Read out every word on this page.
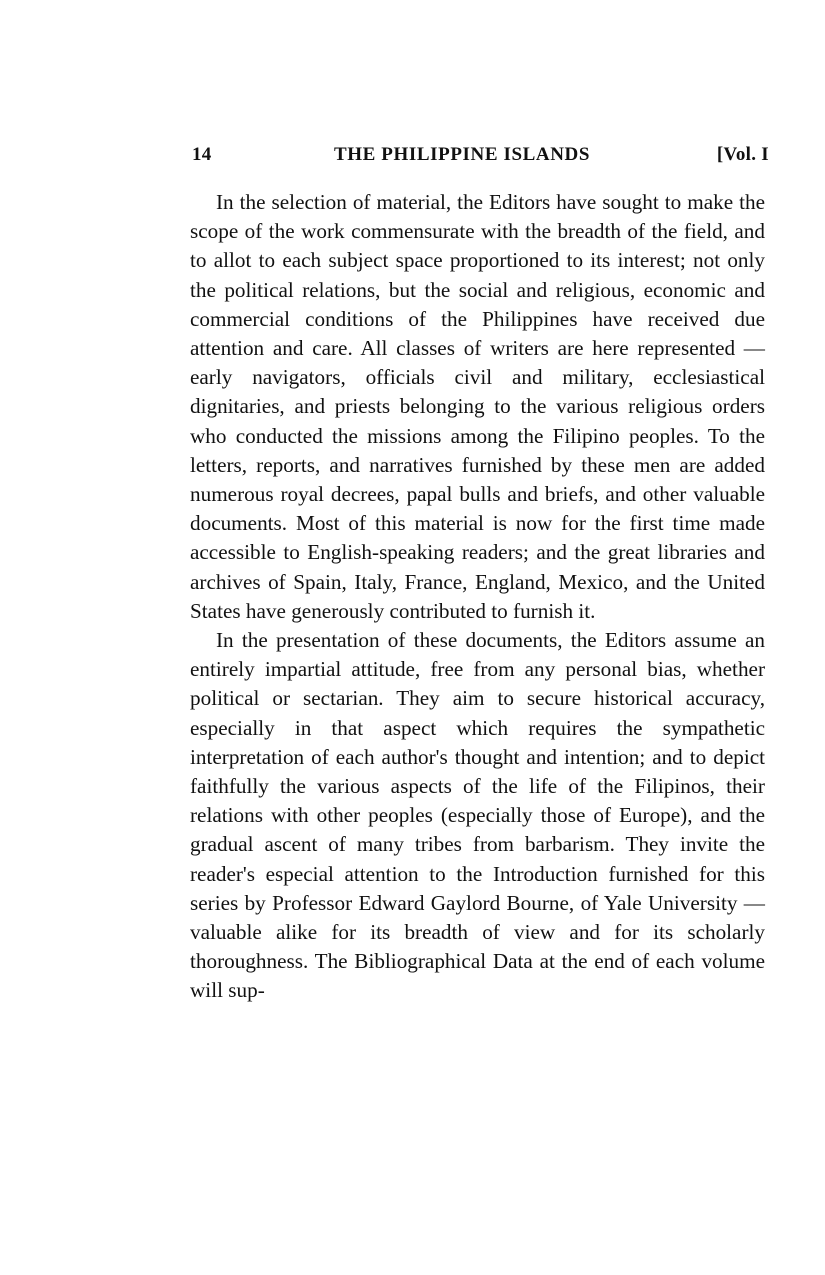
14	THE PHILIPPINE ISLANDS	[Vol. I

In the selection of material, the Editors have sought to make the scope of the work commensurate with the breadth of the field, and to allot to each subject space proportioned to its interest; not only the political relations, but the social and religious, economic and commercial conditions of the Philippines have received due attention and care. All classes of writers are here represented — early navigators, officials civil and military, ecclesiastical dignitaries, and priests belonging to the various religious orders who conducted the missions among the Filipino peoples. To the letters, reports, and narratives furnished by these men are added numerous royal decrees, papal bulls and briefs, and other valuable documents. Most of this material is now for the first time made accessible to English-speaking readers; and the great libraries and archives of Spain, Italy, France, England, Mexico, and the United States have generously contributed to furnish it.

In the presentation of these documents, the Editors assume an entirely impartial attitude, free from any personal bias, whether political or sectarian. They aim to secure historical accuracy, especially in that aspect which requires the sympathetic interpretation of each author's thought and intention; and to depict faithfully the various aspects of the life of the Filipinos, their relations with other peoples (especially those of Europe), and the gradual ascent of many tribes from barbarism. They invite the reader's especial attention to the Introduction furnished for this series by Professor Edward Gaylord Bourne, of Yale University — valuable alike for its breadth of view and for its scholarly thoroughness. The Bibliographical Data at the end of each volume will sup-
